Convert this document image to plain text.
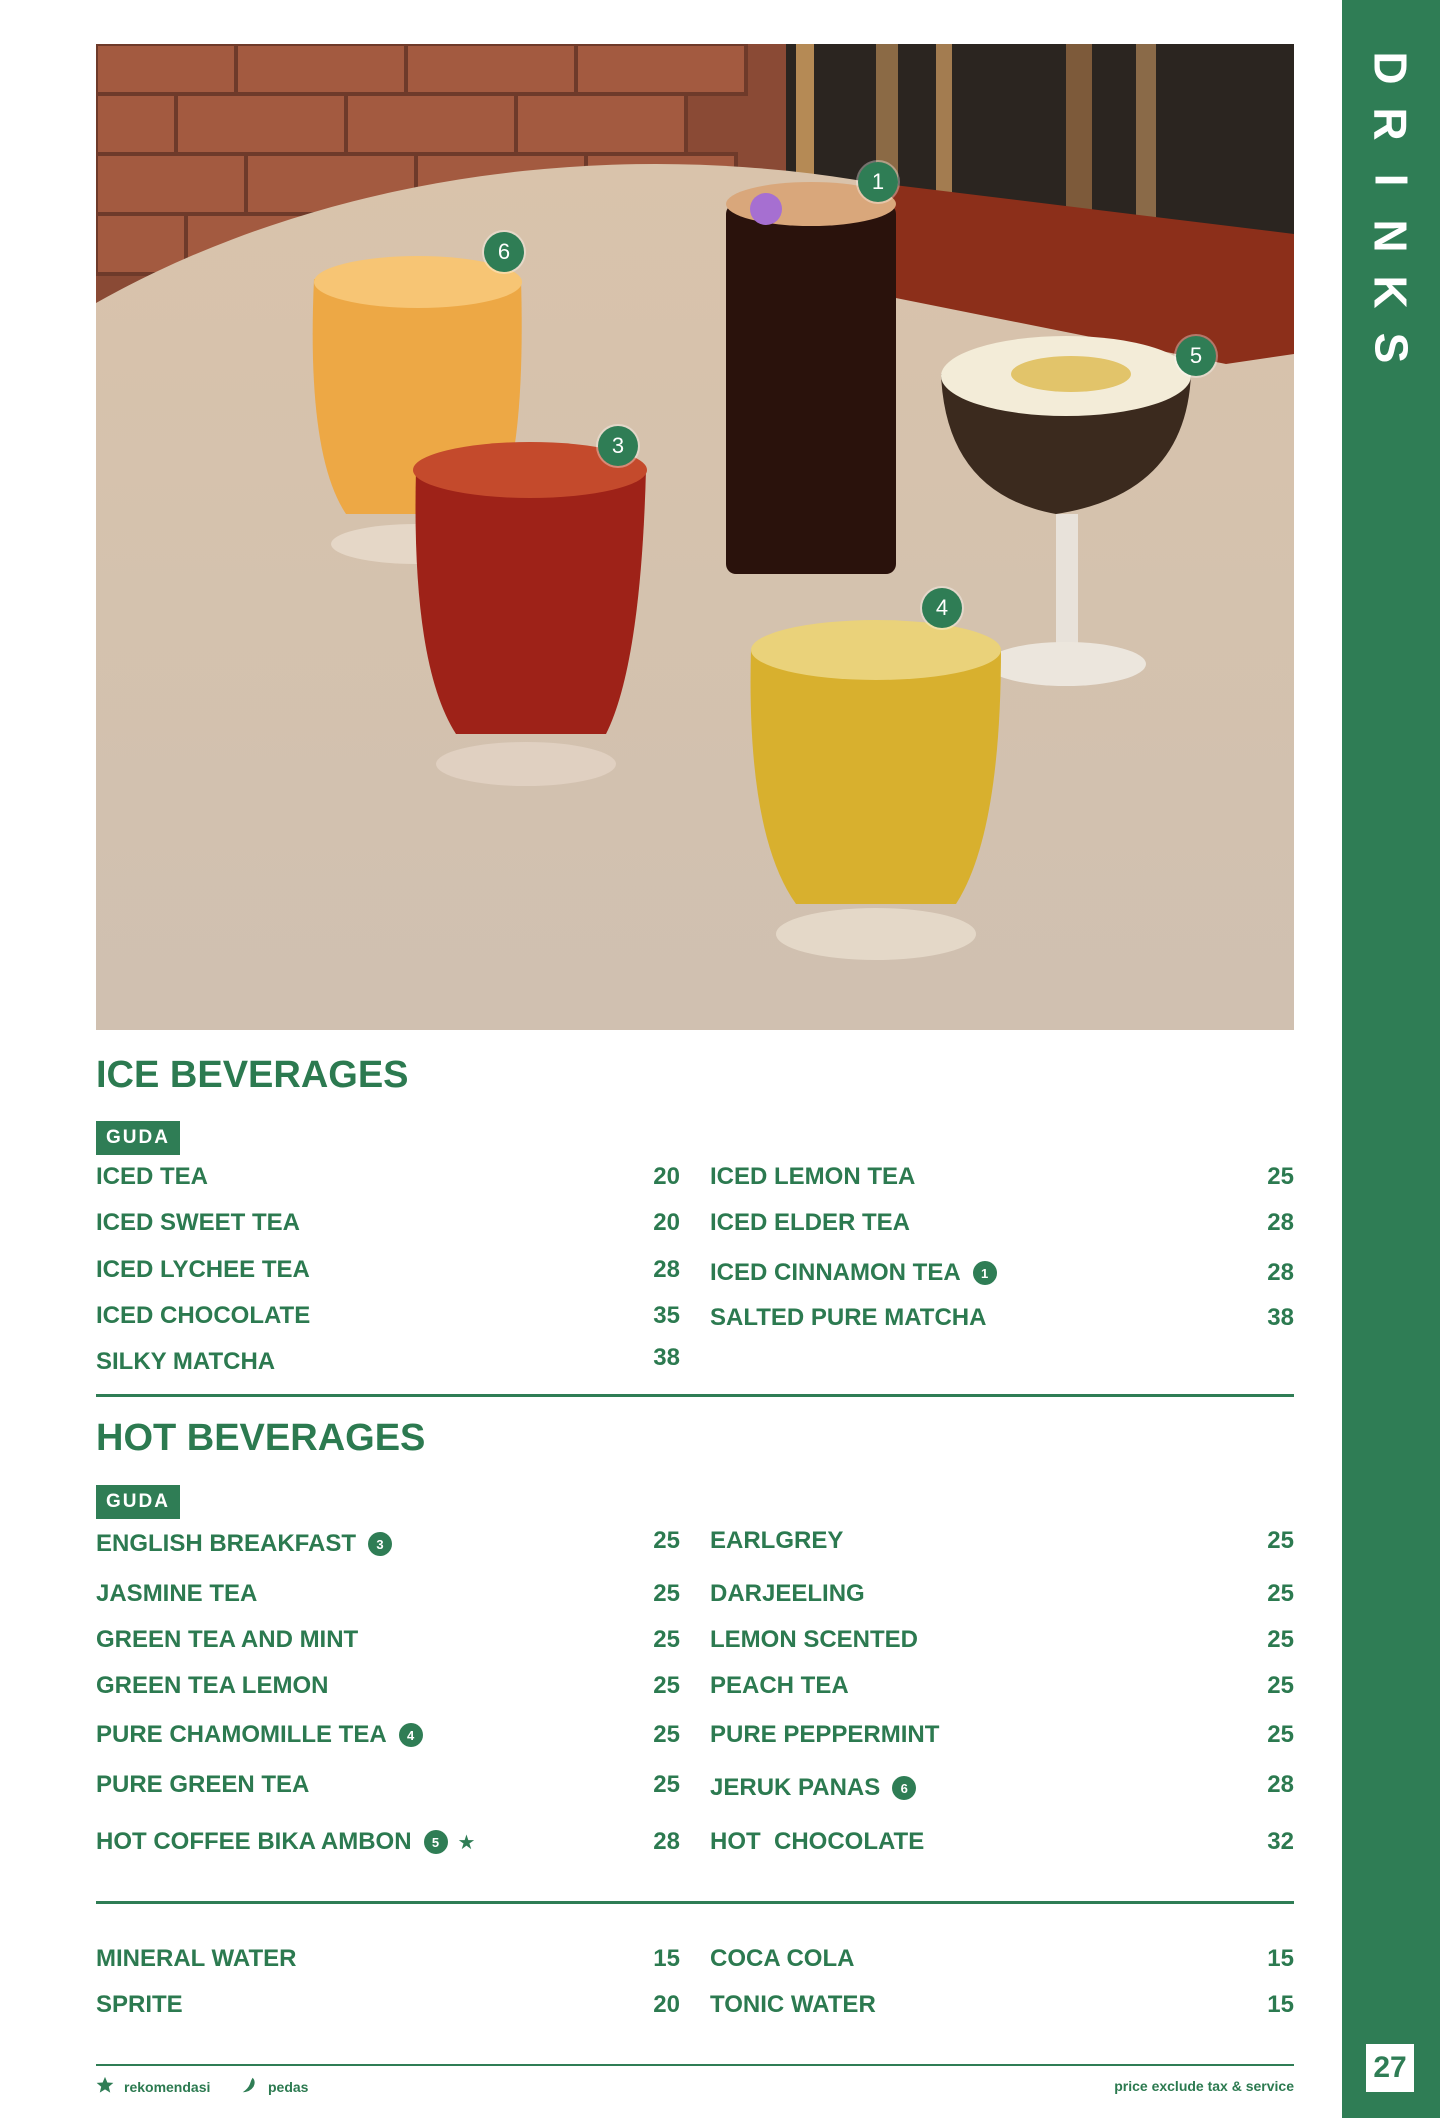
D
R
I
N
K
S
27
1
3
4
5
6
ICE BEVERAGES
GUDA
ICED TEA	20
ICED SWEET TEA	20
ICED LYCHEE TEA	28
ICED CHOCOLATE	35
SILKY MATCHA	38
ICED LEMON TEA	25
ICED ELDER TEA	28
ICED CINNAMON TEA	1	28
SALTED PURE MATCHA	38
HOT BEVERAGES
GUDA
ENGLISH BREAKFAST	3	25
JASMINE TEA	25
GREEN TEA AND MINT	25
GREEN TEA LEMON	25
PURE CHAMOMILLE TEA	4	25
PURE GREEN TEA	25
HOT COFFEE BIKA AMBON	5 ★	28
EARLGREY	25
DARJEELING	25
LEMON SCENTED	25
PEACH TEA	25
PURE PEPPERMINT	25
JERUK PANAS	6	28
HOT  CHOCOLATE	32
MINERAL WATER	15
SPRITE	20
COCA COLA	15
TONIC WATER	15
rekomendasi	pedas	price exclude tax & service
